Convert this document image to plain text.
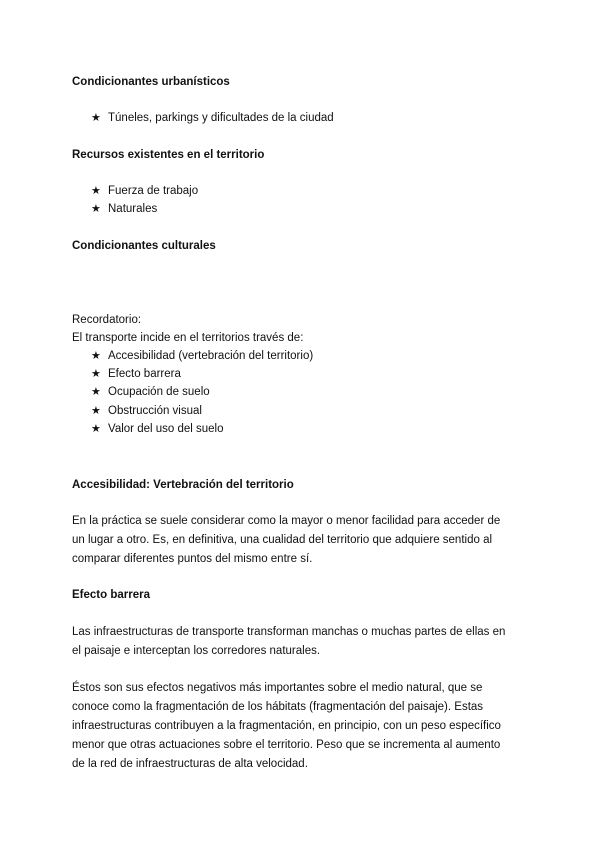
Condicionantes urbanísticos
★ Túneles, parkings y dificultades de la ciudad
Recursos existentes en el territorio
★ Fuerza de trabajo
★ Naturales
Condicionantes culturales
Recordatorio:
El transporte incide en el territorios través de:
★ Accesibilidad (vertebración del territorio)
★ Efecto barrera
★ Ocupación de suelo
★ Obstrucción visual
★ Valor del uso del suelo
Accesibilidad: Vertebración del territorio
En la práctica se suele considerar como la mayor o menor facilidad para acceder de
un lugar a otro. Es, en definitiva, una cualidad del territorio que adquiere sentido al
comparar diferentes puntos del mismo entre sí.
Efecto barrera
Las infraestructuras de transporte transforman manchas o muchas partes de ellas en
el paisaje e interceptan los corredores naturales.
Éstos son sus efectos negativos más importantes sobre el medio natural, que se
conoce como la fragmentación de los hábitats (fragmentación del paisaje). Estas
infraestructuras contribuyen a la fragmentación, en principio, con un peso específico
menor que otras actuaciones sobre el territorio. Peso que se incrementa al aumento
de la red de infraestructuras de alta velocidad.
